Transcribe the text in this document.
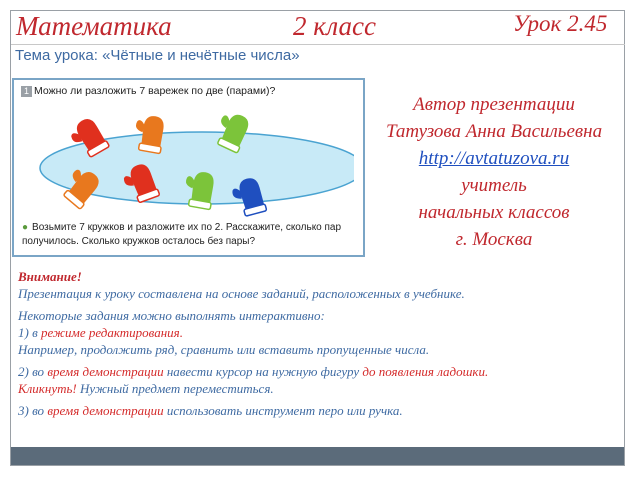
Математика	2 класс	Урок 2.45
Тема урока: «Чётные и нечётные числа»
1 Можно ли разложить 7 варежек по две (парами)?
● Возьмите 7 кружков и разложите их по 2. Расскажите, сколько пар получилось. Сколько кружков осталось без пары?
Автор презентации
Татузова Анна Васильевна
http://avtatuzova.ru
учитель
начальных классов
г. Москва

Внимание!

Презентация к уроку составлена на основе заданий, расположенных в учебнике.

Некоторые задания можно выполнять интерактивно:

1) в режиме редактирования.

Например, продолжить ряд, сравнить или вставить пропущенные числа.

2) во время демонстрации навести курсор на нужную фигуру до появления ладошки.

Кликнуть! Нужный предмет переместиться.

3) во время демонстрации использовать инструмент перо или ручка.
